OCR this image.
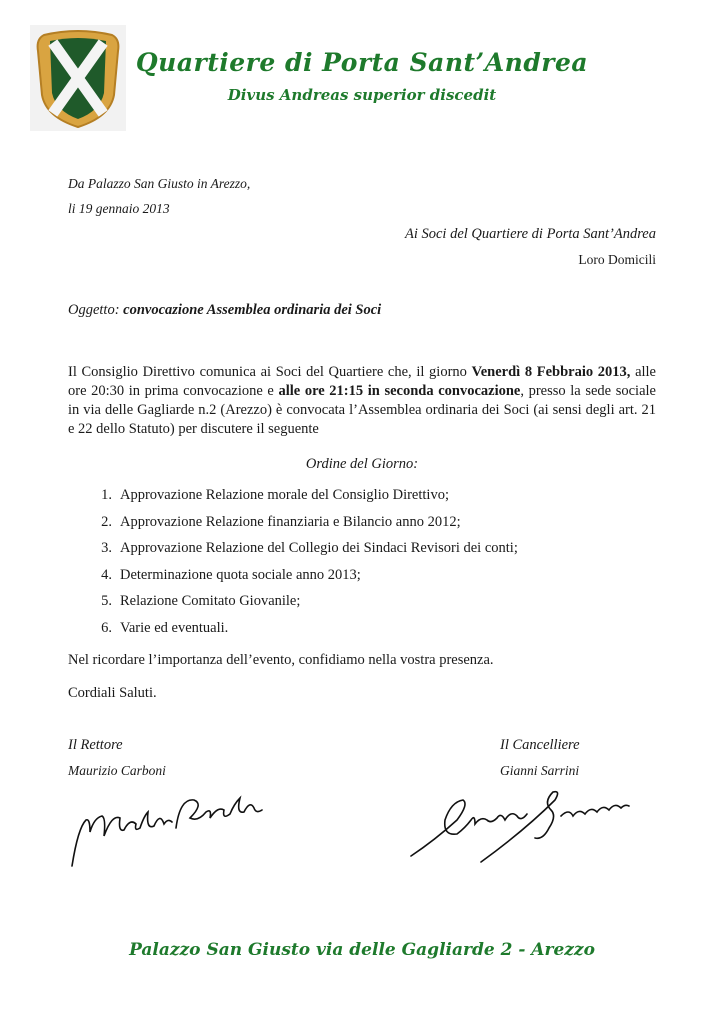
Quartiere di Porta Sant’Andrea
Divus Andreas superior discedit
Da Palazzo San Giusto in Arezzo,
li 19 gennaio 2013
Ai Soci del Quartiere di Porta Sant’Andrea
Loro Domicili
Oggetto: convocazione Assemblea ordinaria dei Soci
Il Consiglio Direttivo comunica ai Soci del Quartiere che, il giorno Venerdì 8 Febbraio 2013, alle ore 20:30 in prima convocazione e alle ore 21:15 in seconda convocazione, presso la sede sociale in via delle Gagliarde n.2 (Arezzo) è convocata l’Assemblea ordinaria dei Soci (ai sensi degli art. 21 e 22 dello Statuto) per discutere il seguente
Ordine del Giorno:
1. Approvazione Relazione morale del Consiglio Direttivo;
2. Approvazione Relazione finanziaria e Bilancio anno 2012;
3. Approvazione Relazione del Collegio dei Sindaci Revisori dei conti;
4. Determinazione quota sociale anno 2013;
5. Relazione Comitato Giovanile;
6. Varie ed eventuali.
Nel ricordare l’importanza dell’evento, confidiamo nella vostra presenza.
Cordiali Saluti.
Il Rettore
Maurizio Carboni
Il Cancelliere
Gianni Sarrini
Palazzo San Giusto via delle Gagliarde 2 - Arezzo
